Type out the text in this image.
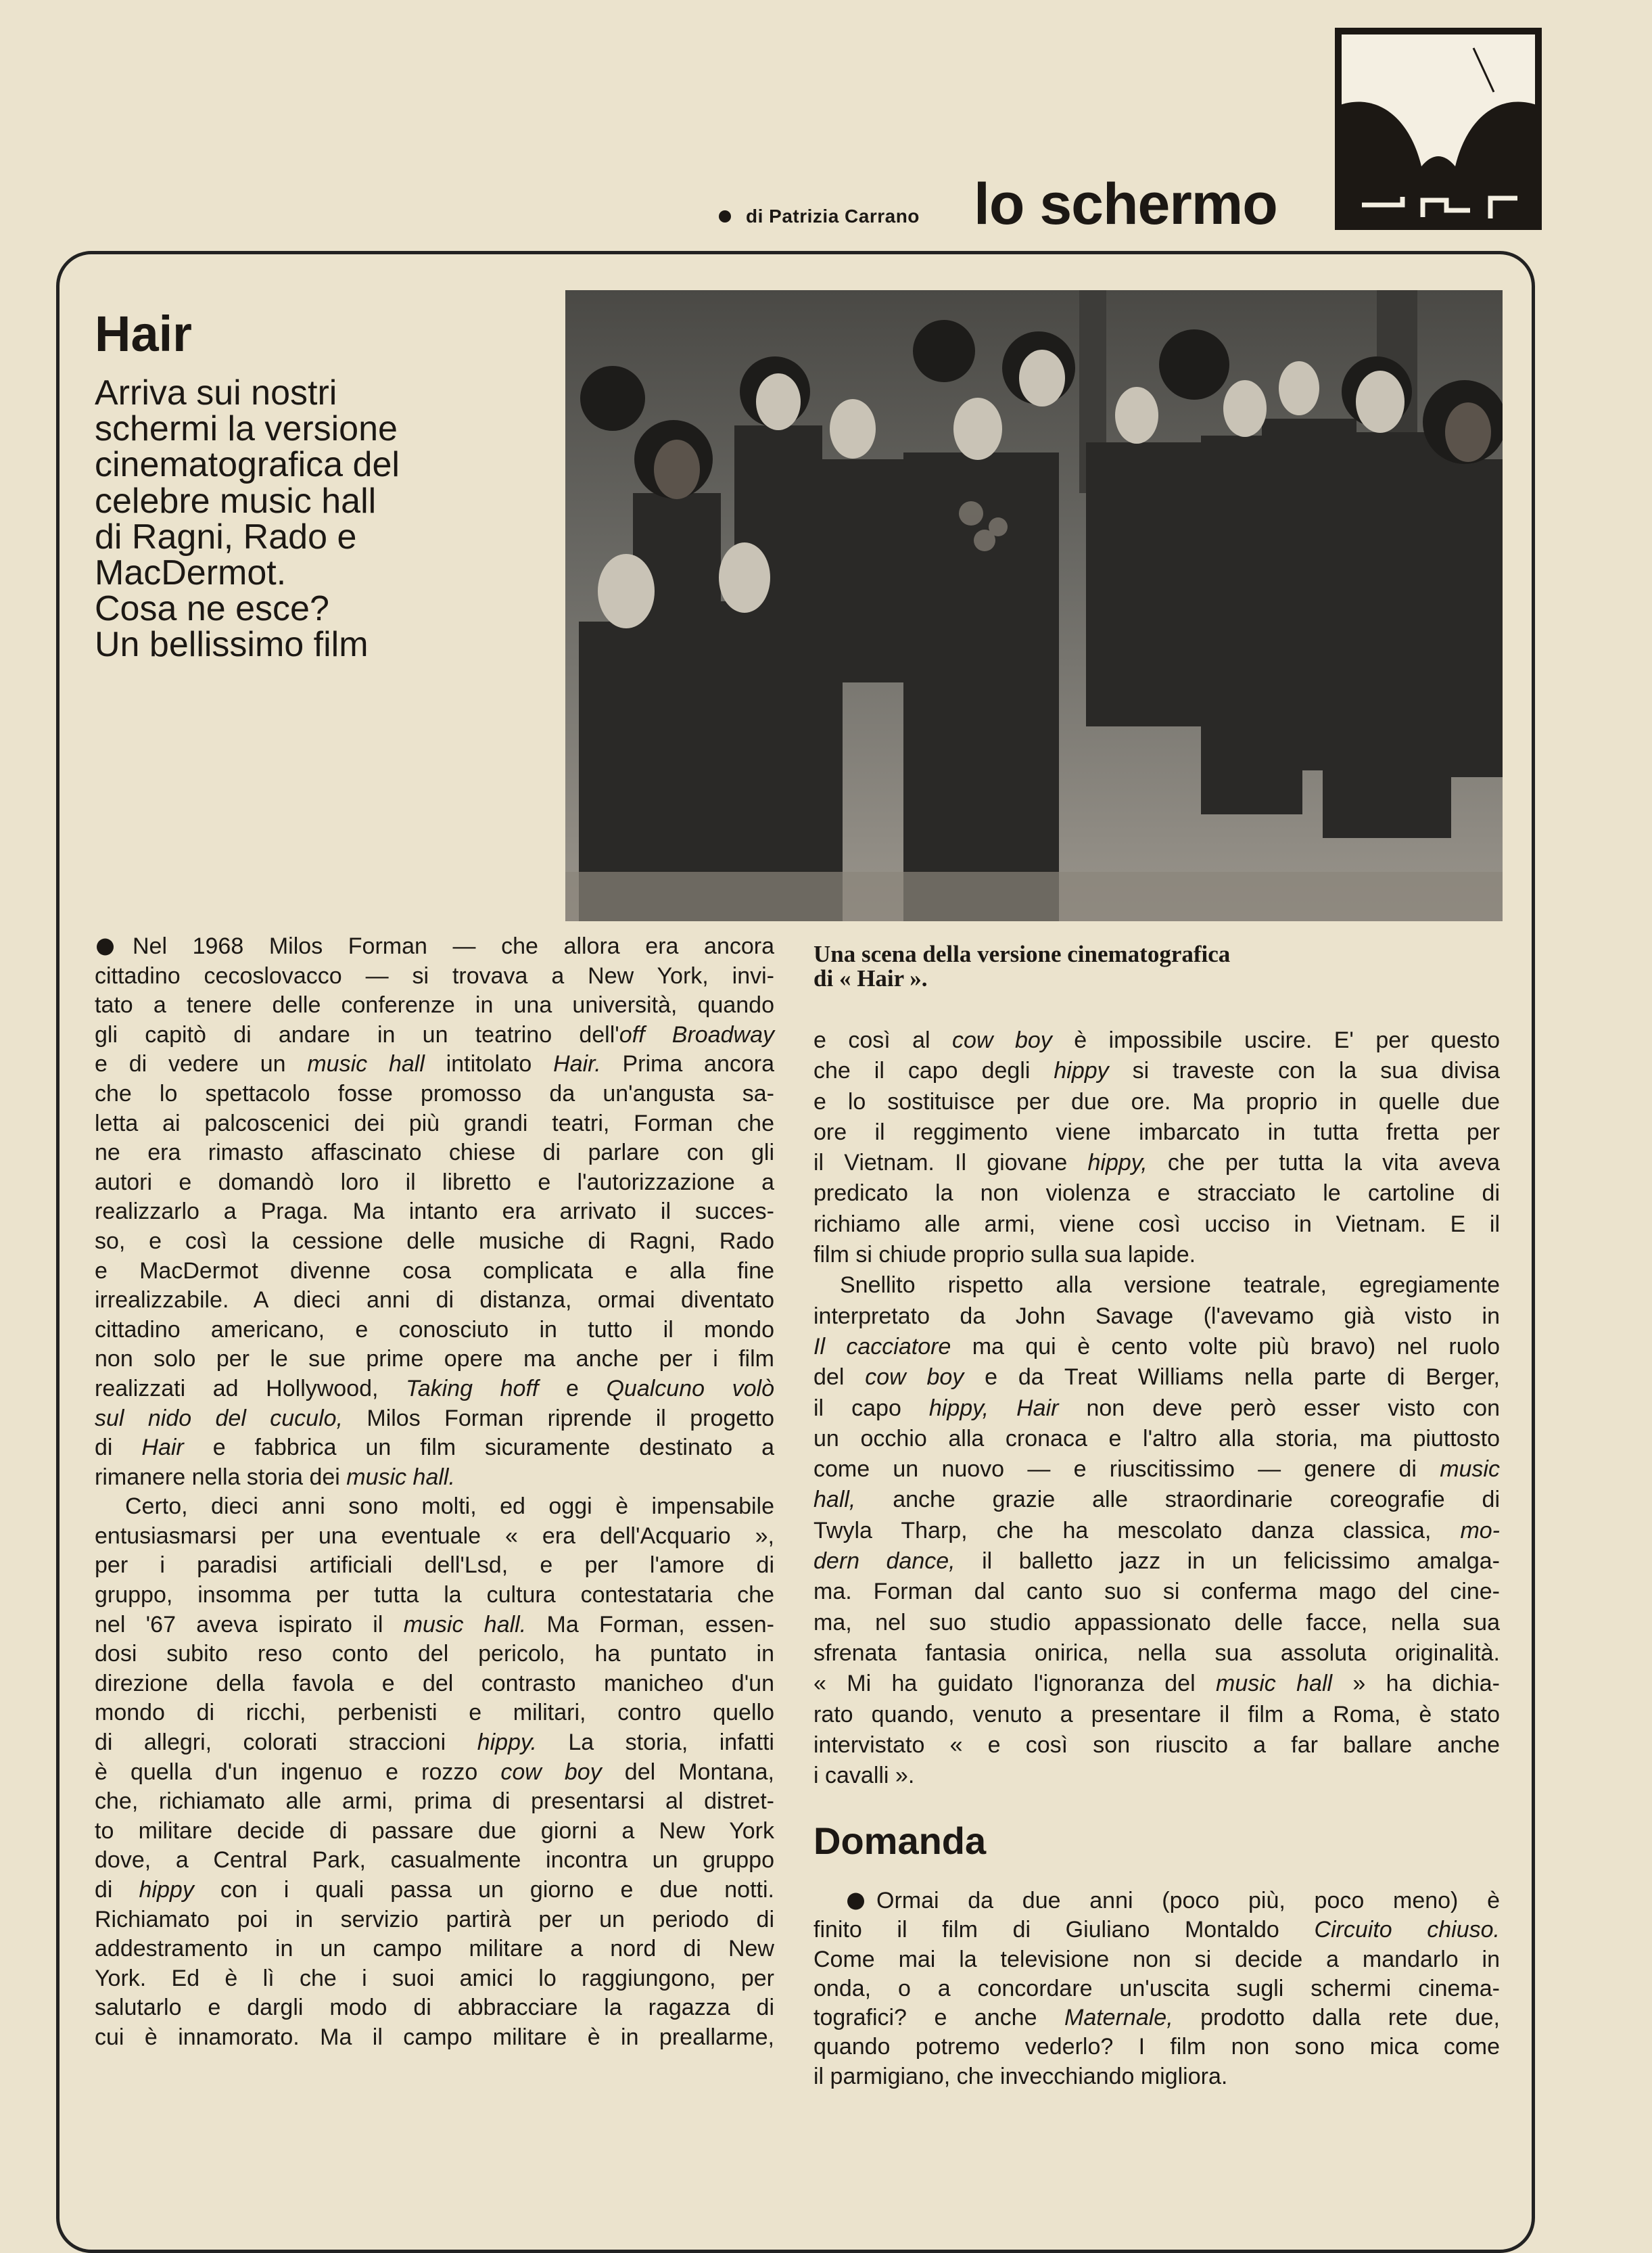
di Patrizia Carrano lo schermo
Hair
Arriva sui nostri
schermi la versione
cinematografica del
celebre music hall
di Ragni, Rado e
MacDermot.
Cosa ne esce?
Un bellissimo film
Una scena della versione cinematografica
di « Hair ».
Nel 1968 Milos Forman — che allora era ancora
cittadino cecoslovacco — si trovava a New York, invi-
tato a tenere delle conferenze in una università, quando
gli capitò di andare in un teatrino dell'off Broadway
e di vedere un music hall intitolato Hair. Prima ancora
che lo spettacolo fosse promosso da un'angusta sa-
letta ai palcoscenici dei più grandi teatri, Forman che
ne era rimasto affascinato chiese di parlare con gli
autori e domandò loro il libretto e l'autorizzazione a
realizzarlo a Praga. Ma intanto era arrivato il succes-
so, e così la cessione delle musiche di Ragni, Rado
e MacDermot divenne cosa complicata e alla fine
irrealizzabile. A dieci anni di distanza, ormai diventato
cittadino americano, e conosciuto in tutto il mondo
non solo per le sue prime opere ma anche per i film
realizzati ad Hollywood, Taking hoff e Qualcuno volò
sul nido del cuculo, Milos Forman riprende il progetto
di Hair e fabbrica un film sicuramente destinato a
rimanere nella storia dei music hall.
Certo, dieci anni sono molti, ed oggi è impensabile
entusiasmarsi per una eventuale « era dell'Acquario »,
per i paradisi artificiali dell'Lsd, e per l'amore di
gruppo, insomma per tutta la cultura contestataria che
nel '67 aveva ispirato il music hall. Ma Forman, essen-
dosi subito reso conto del pericolo, ha puntato in
direzione della favola e del contrasto manicheo d'un
mondo di ricchi, perbenisti e militari, contro quello
di allegri, colorati straccioni hippy. La storia, infatti
è quella d'un ingenuo e rozzo cow boy del Montana,
che, richiamato alle armi, prima di presentarsi al distret-
to militare decide di passare due giorni a New York
dove, a Central Park, casualmente incontra un gruppo
di hippy con i quali passa un giorno e due notti.
Richiamato poi in servizio partirà per un periodo di
addestramento in un campo militare a nord di New
York. Ed è lì che i suoi amici lo raggiungono, per
salutarlo e dargli modo di abbracciare la ragazza di
cui è innamorato. Ma il campo militare è in preallarme,
e così al cow boy è impossibile uscire. E' per questo
che il capo degli hippy si traveste con la sua divisa
e lo sostituisce per due ore. Ma proprio in quelle due
ore il reggimento viene imbarcato in tutta fretta per
il Vietnam. Il giovane hippy, che per tutta la vita aveva
predicato la non violenza e stracciato le cartoline di
richiamo alle armi, viene così ucciso in Vietnam. E il
film si chiude proprio sulla sua lapide.
Snellito rispetto alla versione teatrale, egregiamente
interpretato da John Savage (l'avevamo già visto in
Il cacciatore ma qui è cento volte più bravo) nel ruolo
del cow boy e da Treat Williams nella parte di Berger,
il capo hippy, Hair non deve però esser visto con
un occhio alla cronaca e l'altro alla storia, ma piuttosto
come un nuovo — e riuscitissimo — genere di music
hall, anche grazie alle straordinarie coreografie di
Twyla Tharp, che ha mescolato danza classica, mo-
dern dance, il balletto jazz in un felicissimo amalga-
ma. Forman dal canto suo si conferma mago del cine-
ma, nel suo studio appassionato delle facce, nella sua
sfrenata fantasia onirica, nella sua assoluta originalità.
« Mi ha guidato l'ignoranza del music hall » ha dichia-
rato quando, venuto a presentare il film a Roma, è stato
intervistato « e così son riuscito a far ballare anche
i cavalli ».
Domanda
Ormai da due anni (poco più, poco meno) è
finito il film di Giuliano Montaldo Circuito chiuso.
Come mai la televisione non si decide a mandarlo in
onda, o a concordare un'uscita sugli schermi cinema-
tografici? e anche Maternale, prodotto dalla rete due,
quando potremo vederlo? I film non sono mica come
il parmigiano, che invecchiando migliora.
